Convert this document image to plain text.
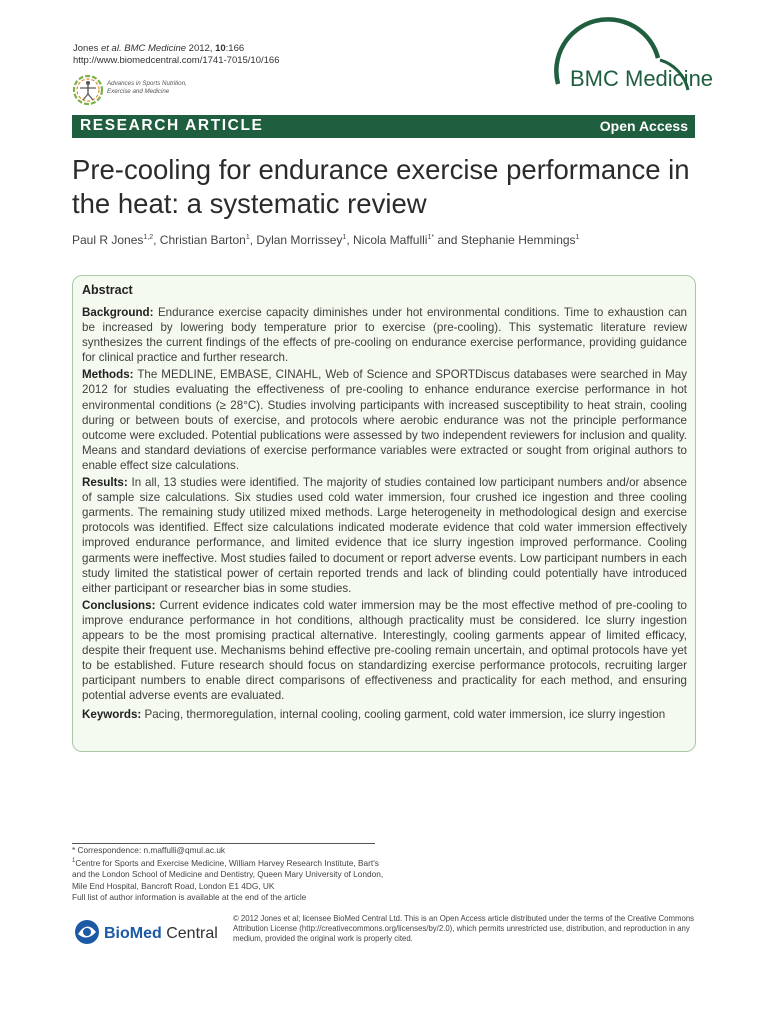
Jones et al. BMC Medicine 2012, 10:166
http://www.biomedcentral.com/1741-7015/10/166
Advances in Sports Nutrition,
Exercise and Medicine
BMC Medicine
RESEARCH ARTICLE	Open Access
Pre-cooling for endurance exercise performance in the heat: a systematic review
Paul R Jones$^{1,2}$, Christian Barton$^1$, Dylan Morrissey$^1$, Nicola Maffulli$^{1*}$ and Stephanie Hemmings$^1$
Abstract

Background: Endurance exercise capacity diminishes under hot environmental conditions. Time to exhaustion can be increased by lowering body temperature prior to exercise (pre-cooling). This systematic literature review synthesizes the current findings of the effects of pre-cooling on endurance exercise performance, providing guidance for clinical practice and further research.

Methods: The MEDLINE, EMBASE, CINAHL, Web of Science and SPORTDiscus databases were searched in May 2012 for studies evaluating the effectiveness of pre-cooling to enhance endurance exercise performance in hot environmental conditions (≥ 28°C). Studies involving participants with increased susceptibility to heat strain, cooling during or between bouts of exercise, and protocols where aerobic endurance was not the principle performance outcome were excluded. Potential publications were assessed by two independent reviewers for inclusion and quality. Means and standard deviations of exercise performance variables were extracted or sought from original authors to enable effect size calculations.

Results: In all, 13 studies were identified. The majority of studies contained low participant numbers and/or absence of sample size calculations. Six studies used cold water immersion, four crushed ice ingestion and three cooling garments. The remaining study utilized mixed methods. Large heterogeneity in methodological design and exercise protocols was identified. Effect size calculations indicated moderate evidence that cold water immersion effectively improved endurance performance, and limited evidence that ice slurry ingestion improved performance. Cooling garments were ineffective. Most studies failed to document or report adverse events. Low participant numbers in each study limited the statistical power of certain reported trends and lack of blinding could potentially have introduced either participant or researcher bias in some studies.

Conclusions: Current evidence indicates cold water immersion may be the most effective method of pre-cooling to improve endurance performance in hot conditions, although practicality must be considered. Ice slurry ingestion appears to be the most promising practical alternative. Interestingly, cooling garments appear of limited efficacy, despite their frequent use. Mechanisms behind effective pre-cooling remain uncertain, and optimal protocols have yet to be established. Future research should focus on standardizing exercise performance protocols, recruiting larger participant numbers to enable direct comparisons of effectiveness and practicality for each method, and ensuring potential adverse events are evaluated.

Keywords: Pacing, thermoregulation, internal cooling, cooling garment, cold water immersion, ice slurry ingestion

* Correspondence: n.maffulli@qmul.ac.uk
$^1$Centre for Sports and Exercise Medicine, William Harvey Research Institute, Bart's and the London School of Medicine and Dentistry, Queen Mary University of London, Mile End Hospital, Bancroft Road, London E1 4DG, UK
Full list of author information is available at the end of the article
BioMed Central
© 2012 Jones et al; licensee BioMed Central Ltd. This is an Open Access article distributed under the terms of the Creative Commons Attribution License (http://creativecommons.org/licenses/by/2.0), which permits unrestricted use, distribution, and reproduction in any medium, provided the original work is properly cited.
